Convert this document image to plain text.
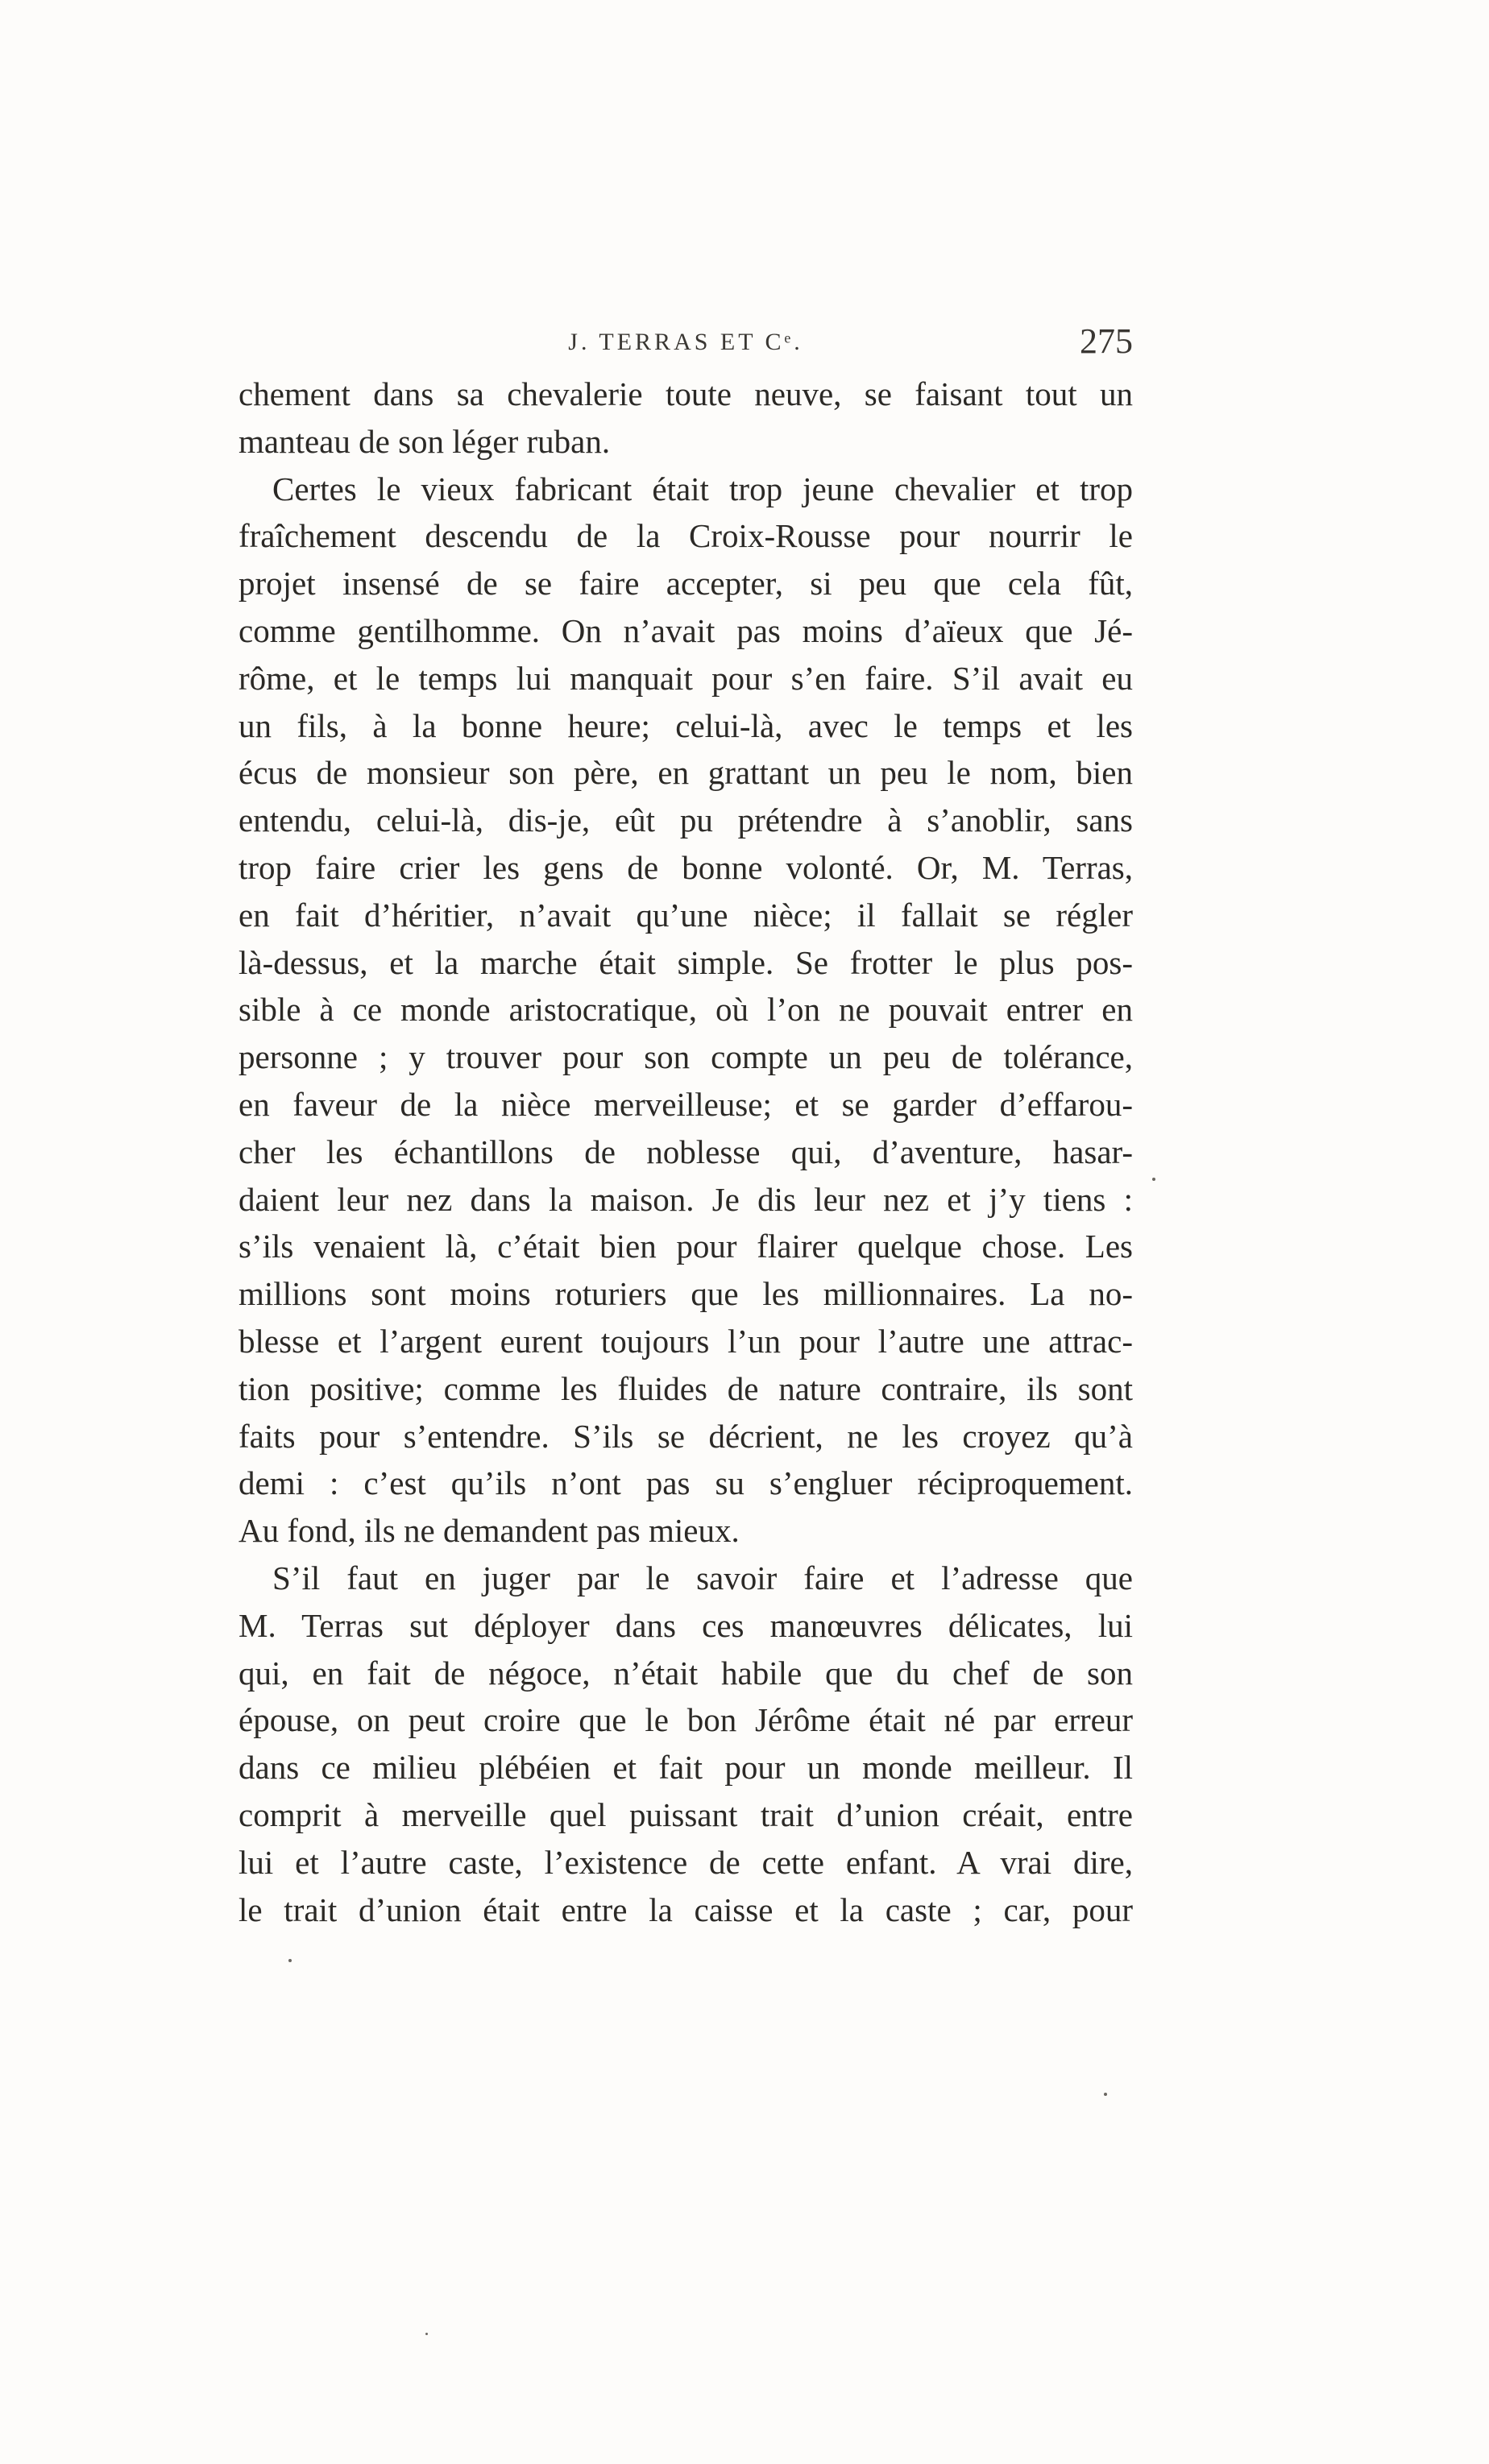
J. TERRAS ET Cᵉ.	275
chement dans sa chevalerie toute neuve, se faisant tout un
manteau de son léger ruban.
Certes le vieux fabricant était trop jeune chevalier et trop
fraîchement descendu de la Croix-Rousse pour nourrir le
projet insensé de se faire accepter, si peu que cela fût,
comme gentilhomme. On n’avait pas moins d’aïeux que Jé-
rôme, et le temps lui manquait pour s’en faire. S’il avait eu
un fils, à la bonne heure; celui-là, avec le temps et les
écus de monsieur son père, en grattant un peu le nom, bien
entendu, celui-là, dis-je, eût pu prétendre à s’anoblir, sans
trop faire crier les gens de bonne volonté. Or, M. Terras,
en fait d’héritier, n’avait qu’une nièce; il fallait se régler
là-dessus, et la marche était simple. Se frotter le plus pos-
sible à ce monde aristocratique, où l’on ne pouvait entrer en
personne ; y trouver pour son compte un peu de tolérance,
en faveur de la nièce merveilleuse; et se garder d’effarou-
cher les échantillons de noblesse qui, d’aventure, hasar-
daient leur nez dans la maison. Je dis leur nez et j’y tiens :
s’ils venaient là, c’était bien pour flairer quelque chose. Les
millions sont moins roturiers que les millionnaires. La no-
blesse et l’argent eurent toujours l’un pour l’autre une attrac-
tion positive; comme les fluides de nature contraire, ils sont
faits pour s’entendre. S’ils se décrient, ne les croyez qu’à
demi : c’est qu’ils n’ont pas su s’engluer réciproquement.
Au fond, ils ne demandent pas mieux.
S’il faut en juger par le savoir faire et l’adresse que
M. Terras sut déployer dans ces manœuvres délicates, lui
qui, en fait de négoce, n’était habile que du chef de son
épouse, on peut croire que le bon Jérôme était né par erreur
dans ce milieu plébéien et fait pour un monde meilleur. Il
comprit à merveille quel puissant trait d’union créait, entre
lui et l’autre caste, l’existence de cette enfant. A vrai dire,
le trait d’union était entre la caisse et la caste ; car, pour
